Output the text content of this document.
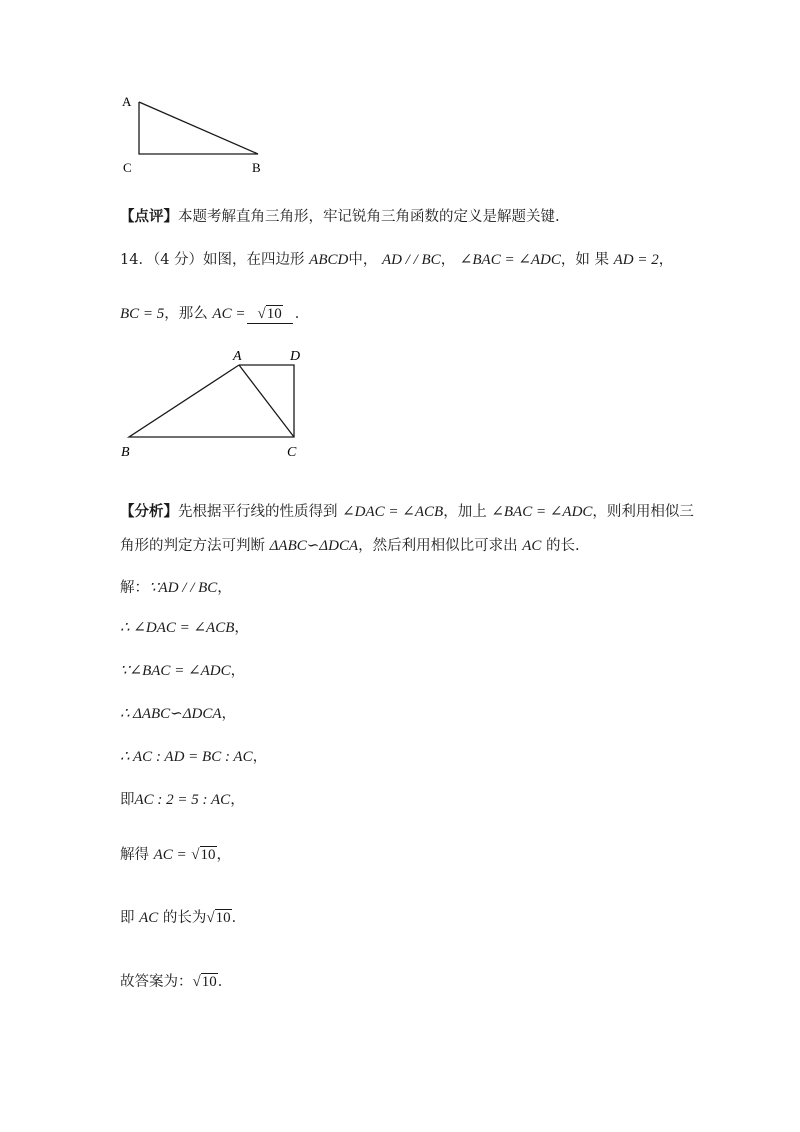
A
C	B
【点评】本题考解直角三角形，牢记锐角三角函数的定义是解题关键.
14．（4 分）如图，在四边形 ABCD中， AD / / BC， ∠BAC = ∠ADC，如 果 AD = 2，
BC = 5，那么 AC = √10 ．
A	D
B	C
【分析】先根据平行线的性质得到 ∠DAC = ∠ACB，加上 ∠BAC = ∠ADC，则利用相似三
角形的判定方法可判断 ΔABC∽ΔDCA，然后利用相似比可求出 AC 的长.
解：∵AD / / BC，
∴ ∠DAC = ∠ACB，
∵∠BAC = ∠ADC，
∴ ΔABC∽ΔDCA，
∴ AC : AD = BC : AC，
即AC : 2 = 5 : AC，
解得 AC = √10，
即 AC 的长为√10．
故答案为：√10．
